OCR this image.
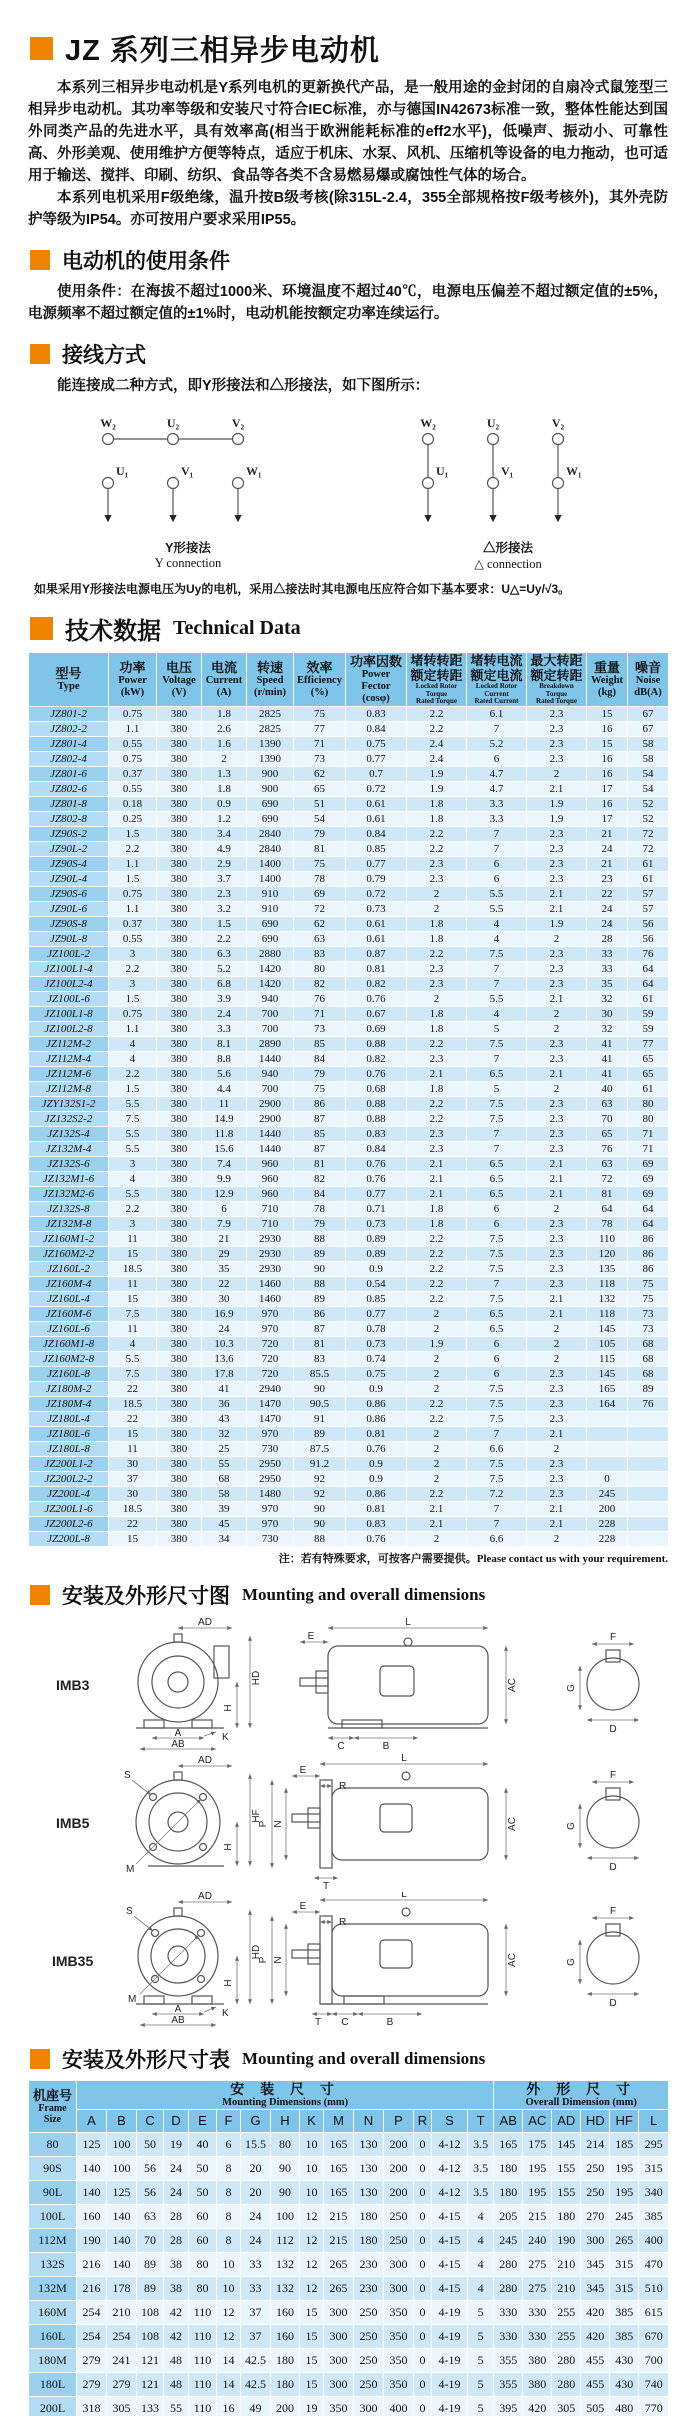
JZ 系列三相异步电动机

本系列三相异步电动机是Y系列电机的更新换代产品，是一般用途的金封闭的自扇冷式鼠笼型三相异步电动机。其功率等级和安装尺寸符合IEC标准，亦与德国IN42673标准一致，整体性能达到国外同类产品的先进水平，具有效率高(相当于欧洲能耗标准的eff2水平)，低噪声、振动小、可靠性高、外形美观、使用维护方便等特点，适应于机床、水泵、风机、压缩机等设备的电力拖动，也可适用于输送、搅拌、印刷、纺织、食品等各类不含易燃易爆或腐蚀性气体的场合。

本系列电机采用F级绝缘，温升按B级考核(除315L-2.4，355全部规格按F级考核外)，其外壳防护等级为IP54。亦可按用户要求采用IP55。

电动机的使用条件

使用条件：在海拔不超过1000米、环境温度不超过40℃，电源电压偏差不超过额定值的±5%，电源频率不超过额定值的±1%时，电动机能按额定功率连续运行。

接线方式

能连接成二种方式，即Y形接法和△形接法，如下图所示：

W₂	U₂	V₂
U₁	V₁	W₁
Y形接法
Y connection
W₂	U₂	V₂
U₁	V₁	W₁
△形接法
△ connection

如果采用Y形接法电源电压为Uy的电机，采用△接法时其电源电压应符合如下基本要求：U△=Uy/√3。

技术数据 Technical Data
型号
Type

功率
Power
(kW)

电压
Voltage
(V)

电流
Current
(A)

转速
Speed
(r/min)

效率
Efficiency
(%)

功率因数
Power Fector
(cosφ)

堵转转距
额定转距
Locked Rotor
Torque
Rated Torque

堵转电流
额定电流
Locked Rotor
Current
Rated Current

最大转距
额定转距
Breakdown
Torque
Rated Torque

重量
Weight
(kg)

噪音
Noise
dB(A)

JZ801-2	0.75	380	1.8	2825	75	0.83	2.2	6.1	2.3	15	67
JZ802-2	1.1	380	2.6	2825	77	0.84	2.2	7	2.3	16	67
JZ801-4	0.55	380	1.6	1390	71	0.75	2.4	5.2	2.3	15	58
JZ802-4	0.75	380	2	1390	73	0.77	2.4	6	2.3	16	58
JZ801-6	0.37	380	1.3	900	62	0.7	1.9	4.7	2	16	54
JZ802-6	0.55	380	1.8	900	65	0.72	1.9	4.7	2.1	17	54
JZ801-8	0.18	380	0.9	690	51	0.61	1.8	3.3	1.9	16	52
JZ802-8	0.25	380	1.2	690	54	0.61	1.8	3.3	1.9	17	52
JZ90S-2	1.5	380	3.4	2840	79	0.84	2.2	7	2.3	21	72
JZ90L-2	2.2	380	4.9	2840	81	0.85	2.2	7	2.3	24	72
JZ90S-4	1.1	380	2.9	1400	75	0.77	2.3	6	2.3	21	61
JZ90L-4	1.5	380	3.7	1400	78	0.79	2.3	6	2.3	23	61
JZ90S-6	0.75	380	2.3	910	69	0.72	2	5.5	2.1	22	57
JZ90L-6	1.1	380	3.2	910	72	0.73	2	5.5	2.1	24	57
JZ90S-8	0.37	380	1.5	690	62	0.61	1.8	4	1.9	24	56
JZ90L-8	0.55	380	2.2	690	63	0.61	1.8	4	2	28	56
JZ100L-2	3	380	6.3	2880	83	0.87	2.2	7.5	2.3	33	76
JZ100L1-4	2.2	380	5.2	1420	80	0.81	2.3	7	2.3	33	64
JZ100L2-4	3	380	6.8	1420	82	0.82	2.3	7	2.3	35	64
JZ100L-6	1.5	380	3.9	940	76	0.76	2	5.5	2.1	32	61
JZ100L1-8	0.75	380	2.4	700	71	0.67	1.8	4	2	30	59
JZ100L2-8	1.1	380	3.3	700	73	0.69	1.8	5	2	32	59
JZ112M-2	4	380	8.1	2890	85	0.88	2.2	7.5	2.3	41	77
JZ112M-4	4	380	8.8	1440	84	0.82	2.3	7	2.3	41	65
JZ112M-6	2.2	380	5.6	940	79	0.76	2.1	6.5	2.1	41	65
JZ112M-8	1.5	380	4.4	700	75	0.68	1.8	5	2	40	61
JZY132S1-2	5.5	380	11	2900	86	0.88	2.2	7.5	2.3	63	80
JZ132S2-2	7.5	380	14.9	2900	87	0.88	2.2	7.5	2.3	70	80
JZ132S-4	5.5	380	11.8	1440	85	0.83	2.3	7	2.3	65	71
JZ132M-4	5.5	380	15.6	1440	87	0.84	2.3	7	2.3	76	71
JZ132S-6	3	380	7.4	960	81	0.76	2.1	6.5	2.1	63	69
JZ132M1-6	4	380	9.9	960	82	0.76	2.1	6.5	2.1	72	69
JZ132M2-6	5.5	380	12.9	960	84	0.77	2.1	6.5	2.1	81	69
JZ132S-8	2.2	380	6	710	78	0.71	1.8	6	2	64	64
JZ132M-8	3	380	7.9	710	79	0.73	1.8	6	2.3	78	64
JZ160M1-2	11	380	21	2930	88	0.89	2.2	7.5	2.3	110	86
JZ160M2-2	15	380	29	2930	89	0.89	2.2	7.5	2.3	120	86
JZ160L-2	18.5	380	35	2930	90	0.9	2.2	7.5	2.3	135	86
JZ160M-4	11	380	22	1460	88	0.54	2.2	7	2.3	118	75
JZ160L-4	15	380	30	1460	89	0.85	2.2	7.5	2.1	132	75
JZ160M-6	7.5	380	16.9	970	86	0.77	2	6.5	2.1	118	73
JZ160L-6	11	380	24	970	87	0.78	2	6.5	2	145	73
JZ160M1-8	4	380	10.3	720	81	0.73	1.9	6	2	105	68
JZ160M2-8	5.5	380	13.6	720	83	0.74	2	6	2	115	68
JZ160L-8	7.5	380	17.8	720	85.5	0.75	2	6	2.3	145	68
JZ180M-2	22	380	41	2940	90	0.9	2	7.5	2.3	165	89
JZ180M-4	18.5	380	36	1470	90.5	0.86	2.2	7.5	2.3	164	76
JZ180L-4	22	380	43	1470	91	0.86	2.2	7.5	2.3		
JZ180L-6	15	380	32	970	89	0.81	2	7	2.1		
JZ180L-8	11	380	25	730	87.5	0.76	2	6.6	2		
JZ200L1-2	30	380	55	2950	91.2	0.9	2	7.5	2.3		
JZ200L2-2	37	380	68	2950	92	0.9	2	7.5	2.3	0	
JZ200L-4	30	380	58	1480	92	0.86	2.2	7.2	2.3	245	
JZ200L1-6	18.5	380	39	970	90	0.81	2.1	7	2.1	200	
JZ200L2-6	22	380	45	970	90	0.83	2.1	7	2.1	228	
JZ200L-8	15	380	34	730	88	0.76	2	6.6	2	228	
注：若有特殊要求，可按客户需要提供。Please contact us with your requirement.
安装及外形尺寸图 Mounting and overall dimensions
IMB3
AD
HD
H
K
A
AB
L
E
AC
C	B
F
G
D
IMB5
S
M
AD
HF
H
L
E
R
P N	AC
T
F
G
D
IMB35
S
M
AD
HD
H
K
A
AB
L
E
R
P N	AC
T C	B
F
G
D
安装及外形尺寸表 Mounting and overall dimensions
机座号
Frame
Size

安 装 尺 寸
Mounting Dimensions (mm)

外 形 尺 寸
Overall Dimension (mm)

	A	B	C	D	E	F	G	H	K	M	N	P	R	S	T	AB	AC	AD	HD	HF	L
80	125	100	50	19	40	6	15.5	80	10	165	130	200	0	4-12	3.5	165	175	145	214	185	295
90S	140	100	56	24	50	8	20	90	10	165	130	200	0	4-12	3.5	180	195	155	250	195	315
90L	140	125	56	24	50	8	20	90	10	165	130	200	0	4-12	3.5	180	195	155	250	195	340
100L	160	140	63	28	60	8	24	100	12	215	180	250	0	4-15	4	205	215	180	270	245	385
112M	190	140	70	28	60	8	24	112	12	215	180	250	0	4-15	4	245	240	190	300	265	400
132S	216	140	89	38	80	10	33	132	12	265	230	300	0	4-15	4	280	275	210	345	315	470
132M	216	178	89	38	80	10	33	132	12	265	230	300	0	4-15	4	280	275	210	345	315	510
160M	254	210	108	42	110	12	37	160	15	300	250	350	0	4-19	5	330	330	255	420	385	615
160L	254	254	108	42	110	12	37	160	15	300	250	350	0	4-19	5	330	330	255	420	385	670
180M	279	241	121	48	110	14	42.5	180	15	300	250	350	0	4-19	5	355	380	280	455	430	700
180L	279	279	121	48	110	14	42.5	180	15	300	250	350	0	4-19	5	355	380	280	455	430	740
200L	318	305	133	55	110	16	49	200	19	350	300	400	0	4-19	5	395	420	305	505	480	770
